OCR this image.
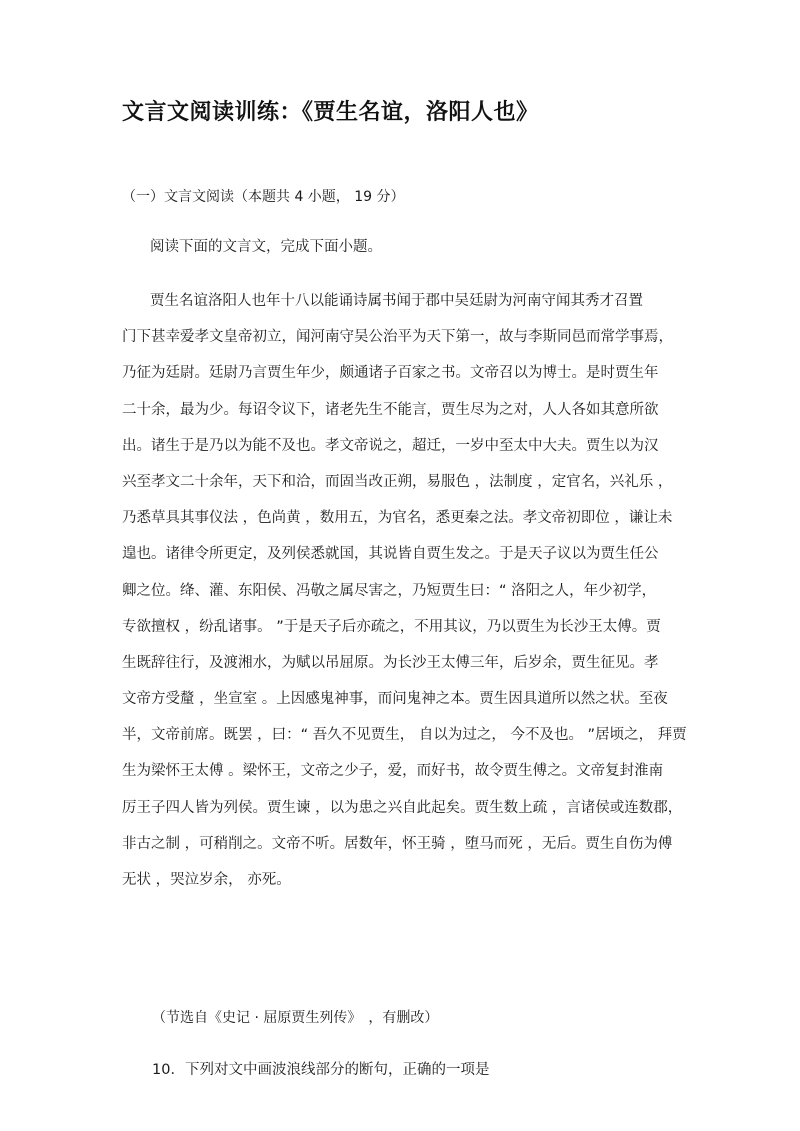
文言文阅读训练：《贾生名谊，洛阳人也》
（一）文言文阅读（本题共 4 小题， 19 分）
阅读下面的文言文，完成下面小题。
贾生名谊洛阳人也年十八以能诵诗属书闻于郡中吴廷尉为河南守闻其秀才召置
门下甚幸爱孝文皇帝初立，闻河南守吴公治平为天下第一，故与李斯同邑而常学事焉，
乃征为廷尉。廷尉乃言贾生年少，颇通诸子百家之书。文帝召以为博士。是时贾生年
二十余，最为少。每诏令议下，诸老先生不能言，贾生尽为之对，人人各如其意所欲
出。诸生于是乃以为能不及也。孝文帝说之，超迁，一岁中至太中大夫。贾生以为汉
兴至孝文二十余年，天下和洽，而固当改正朔，易服色 ，法制度 ，定官名，兴礼乐 ，
乃悉草具其事仪法 ，色尚黄 ，数用五，为官名，悉更秦之法。孝文帝初即位 ，谦让未
遑也。诸律令所更定，及列侯悉就国，其说皆自贾生发之。于是天子议以为贾生任公
卿之位。绛、灌、东阳侯、冯敬之属尽害之，乃短贾生曰：“ 洛阳之人，年少初学，
专欲擅权 ，纷乱诸事。 ”于是天子后亦疏之，不用其议，乃以贾生为长沙王太傅。贾
生既辞往行，及渡湘水，为赋以吊屈原。为长沙王太傅三年，后岁余，贾生征见。孝
文帝方受釐 ，坐宣室 。上因感鬼神事，而问鬼神之本。贾生因具道所以然之状。至夜
半，文帝前席。既罢 ，曰：“ 吾久不见贾生， 自以为过之， 今不及也。 ”居顷之， 拜贾
生为梁怀王太傅 。梁怀王，文帝之少子，爱，而好书，故令贾生傅之。文帝复封淮南
厉王子四人皆为列侯。贾生谏 ，以为患之兴自此起矣。贾生数上疏 ，言诸侯或连数郡，
非古之制 ，可稍削之。文帝不听。居数年，怀王骑 ，堕马而死 ，无后。贾生自伤为傅
无状 ，哭泣岁余， 亦死。
（节选自《史记 · 屈原贾生列传》　，有删改）
10．下列对文中画波浪线部分的断句，正确的一项是
